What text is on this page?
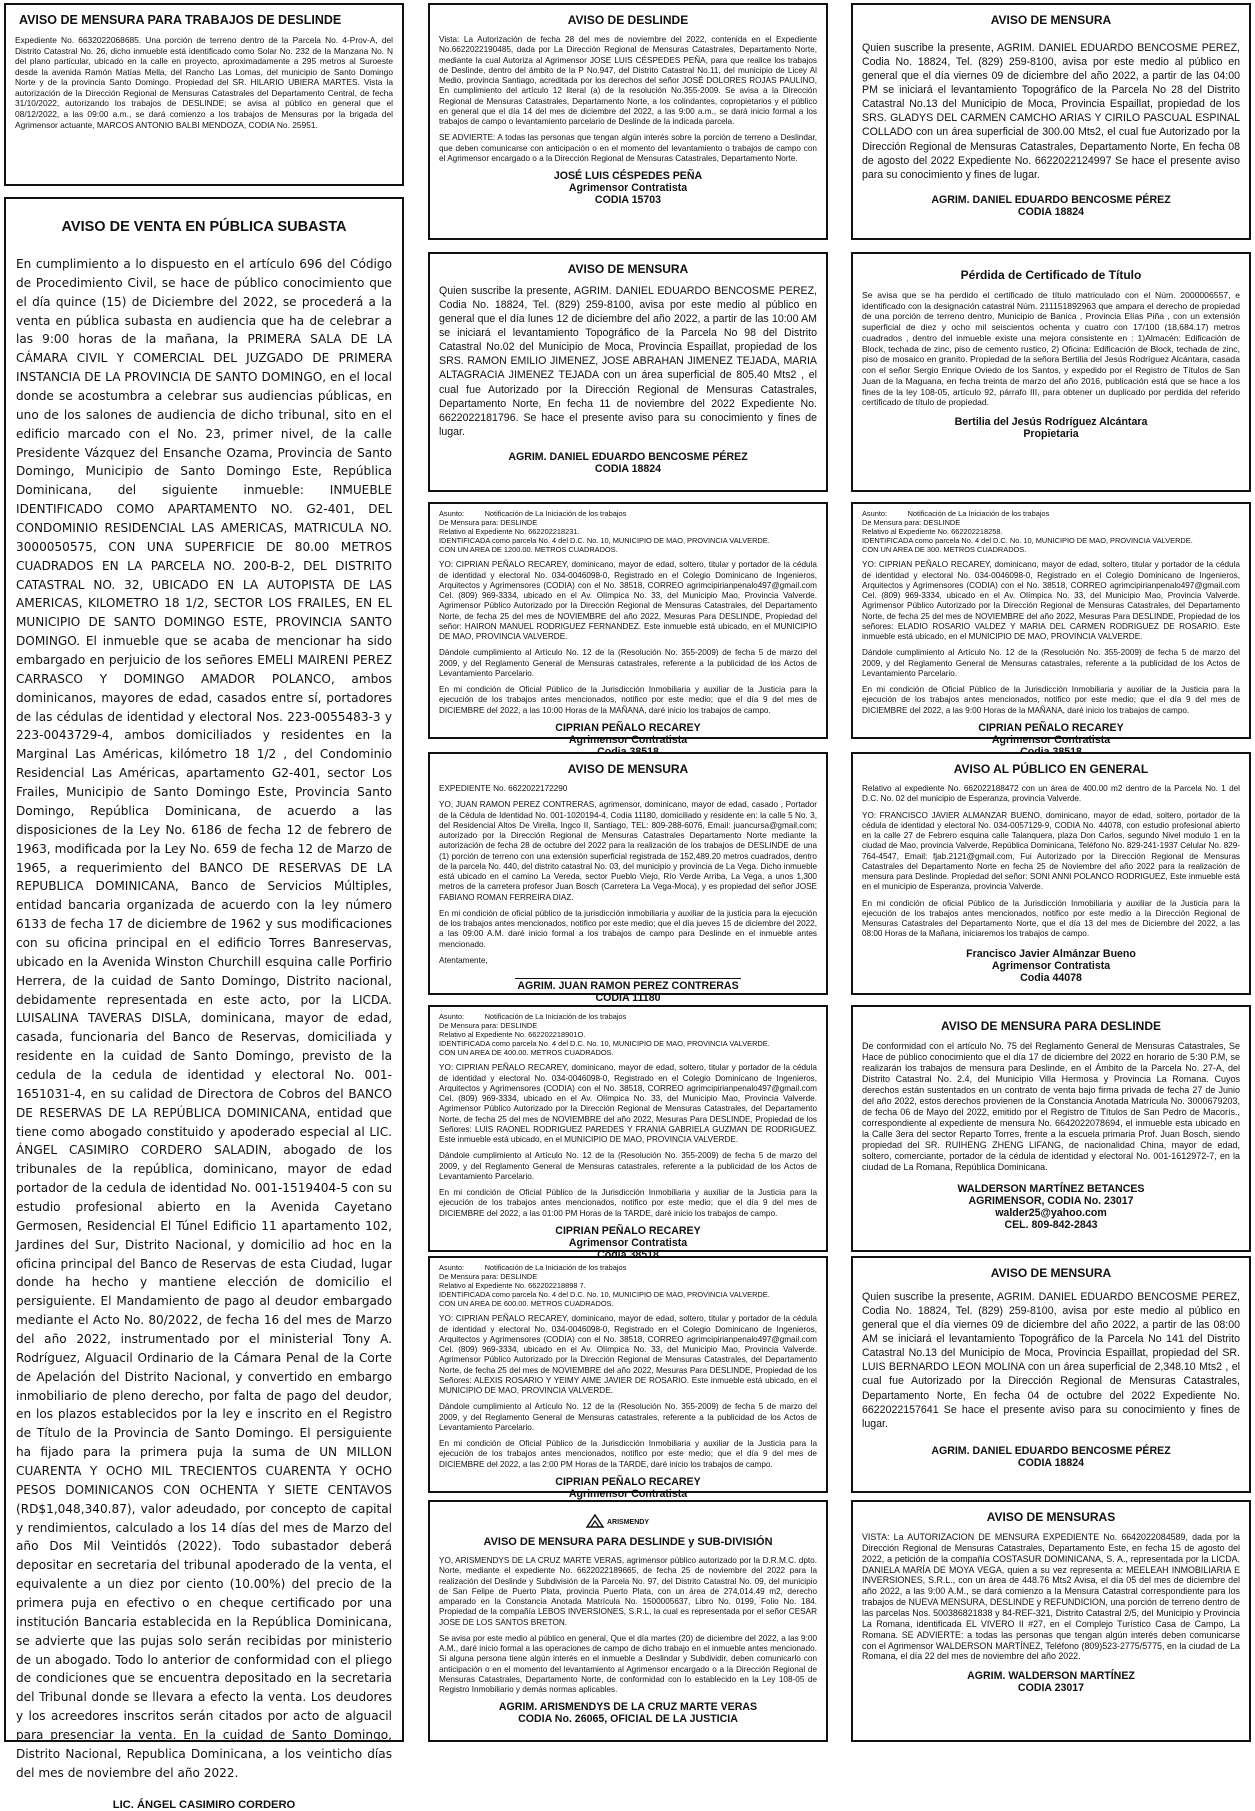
AVISO DE MENSURA PARA TRABAJOS DE DESLINDE
Expediente No. 6632022068685. Una porción de terreno dentro de la Parcela No. 4-Prov-A, del Distrito Catastral No. 26, dicho inmueble está identificado como Solar No. 232 de la Manzana No. N del plano particular, ubicado en la calle en proyecto, aproximadamente a 295 metros al Suroeste desde la avenida Ramón Matías Mella, del Rancho Las Lomas, del municipio de Santo Domingo Norte y de la provincia Santo Domingo. Propiedad del SR. HILARIO UBIERA MARTES. Vista la autorización de la Dirección Regional de Mensuras Catastrales del Departamento Central, de fecha 31/10/2022, autorizando los trabajos de DESLINDE; se avisa al público en general que el 08/12/2022, a las 09:00 a.m., se dará comienzo a los trabajos de Mensuras por la brigada del Agrimensor actuante, MARCOS ANTONIO BALBI MENDOZA, CODIA No. 25951.
AVISO DE VENTA EN PÚBLICA SUBASTA
En cumplimiento a lo dispuesto en el artículo 696 del Código de Procedimiento Civil, se hace de público conocimiento que el día quince (15) de Diciembre del 2022, se procederá a la venta en pública subasta en audiencia que ha de celebrar a las 9:00 horas de la mañana, la PRIMERA SALA DE LA CÁMARA CIVIL Y COMERCIAL DEL JUZGADO DE PRIMERA INSTANCIA DE LA PROVINCIA DE SANTO DOMINGO, en el local donde se acostumbra a celebrar sus audiencias públicas, en uno de los salones de audiencia de dicho tribunal, sito en el edificio marcado con el No. 23, primer nivel, de la calle Presidente Vázquez del Ensanche Ozama, Provincia de Santo Domingo, Municipio de Santo Domingo Este, República Dominicana, del siguiente inmueble: INMUEBLE IDENTIFICADO COMO APARTAMENTO NO. G2-401, DEL CONDOMINIO RESIDENCIAL LAS AMERICAS, MATRICULA NO. 3000050575, CON UNA SUPERFICIE DE 80.00 METROS CUADRADOS EN LA PARCELA NO. 200-B-2, DEL DISTRITO CATASTRAL NO. 32, UBICADO EN LA AUTOPISTA DE LAS AMERICAS, KILOMETRO 18 1/2, SECTOR LOS FRAILES, EN EL MUNICIPIO DE SANTO DOMINGO ESTE, PROVINCIA SANTO DOMINGO. El inmueble que se acaba de mencionar ha sido embargado en perjuicio de los señores EMELI MAIRENI PEREZ CARRASCO Y DOMINGO AMADOR POLANCO, ambos dominicanos, mayores de edad, casados entre sí, portadores de las cédulas de identidad y electoral Nos. 223-0055483-3 y 223-0043729-4, ambos domiciliados y residentes en la Marginal Las Américas, kilómetro 18 1/2 , del Condominio Residencial Las Américas, apartamento G2-401, sector Los Frailes, Municipio de Santo Domingo Este, Provincia Santo Domingo, República Dominicana, de acuerdo a las disposiciones de la Ley No. 6186 de fecha 12 de febrero de 1963, modificada por la Ley No. 659 de fecha 12 de Marzo de 1965, a requerimiento del BANCO DE RESERVAS DE LA REPUBLICA DOMINICANA, Banco de Servicios Múltiples, entidad bancaria organizada de acuerdo con la ley número 6133 de fecha 17 de diciembre de 1962 y sus modificaciones con su oficina principal en el edificio Torres Banreservas, ubicado en la Avenida Winston Churchill esquina calle Porfirio Herrera, de la cuidad de Santo Domingo, Distrito nacional, debidamente representada en este acto, por la LICDA. LUISALINA TAVERAS DISLA, dominicana, mayor de edad, casada, funcionaria del Banco de Reservas, domiciliada y residente en la cuidad de Santo Domingo, previsto de la cedula de la cedula de identidad y electoral No. 001-1651031-4, en su calidad de Directora de Cobros del BANCO DE RESERVAS DE LA REPÚBLICA DOMINICANA, entidad que tiene como abogado constituido y apoderado especial al LIC. ÁNGEL CASIMIRO CORDERO SALADIN, abogado de los tribunales de la república, dominicano, mayor de edad portador de la cedula de identidad No. 001-1519404-5 con su estudio profesional abierto en la Avenida Cayetano Germosen, Residencial El Túnel Edificio 11 apartamento 102, Jardines del Sur, Distrito Nacional, y domicilio ad hoc en la oficina principal del Banco de Reservas de esta Ciudad, lugar donde ha hecho y mantiene elección de domicilio el persiguiente. El Mandamiento de pago al deudor embargado mediante el Acto No. 80/2022, de fecha 16 del mes de Marzo del año 2022, instrumentado por el ministerial Tony A. Rodríguez, Alguacil Ordinario de la Cámara Penal de la Corte de Apelación del Distrito Nacional, y convertido en embargo inmobiliario de pleno derecho, por falta de pago del deudor, en los plazos establecidos por la ley e inscrito en el Registro de Título de la Provincia de Santo Domingo. El persiguiente ha fijado para la primera puja la suma de UN MILLON CUARENTA Y OCHO MIL TRECIENTOS CUARENTA Y OCHO PESOS DOMINICANOS CON OCHENTA Y SIETE CENTAVOS (RD$1,048,340.87), valor adeudado, por concepto de capital y rendimientos, calculado a los 14 días del mes de Marzo del año Dos Mil Veintidós (2022). Todo subastador deberá depositar en secretaria del tribunal apoderado de la venta, el equivalente a un diez por ciento (10.00%) del precio de la primera puja en efectivo o en cheque certificado por una institución Bancaria establecida en la República Dominicana, se advierte que las pujas solo serán recibidas por ministerio de un abogado. Todo lo anterior de conformidad con el pliego de condiciones que se encuentra depositado en la secretaria del Tribunal donde se llevara a efecto la venta. Los deudores y los acreedores inscritos serán citados por acto de alguacil para presenciar la venta. En la cuidad de Santo Domingo, Distrito Nacional, Republica Dominicana, a los veinticho días del mes de noviembre del año 2022.
LIC. ÁNGEL CASIMIRO CORDERO
AVISO DE DESLINDE

Vista: La Autorización de fecha 28 del mes de noviembre del 2022, contenida en el Expediente No.6622022190485, dada por La Dirección Regional de Mensuras Catastrales, Departamento Norte, mediante la cual Autoriza al Agrimensor JOSE LUIS CÉSPEDES PEÑA, para que realice los trabajos de Deslinde, dentro del ámbito de la P No.947, del Distrito Catastral No.11, del municipio de Licey Al Medio, provincia Santiago, acreditada por los derechos del señor JOSÉ DOLORES ROJAS PAULINO, En cumplimiento del artículo 12 literal (a) de la resolución No.355-2009. Se avisa a la Dirección Regional de Mensuras Catastrales, Departamento Norte, a los colindantes, copropietarios y el público en general que el día 14 del mes de diciembre del 2022, a las 9:00 a.m., se dará inicio formal a los trabajos de campo o levantamiento parcelario de Deslinde de la indicada parcela.

SE ADVIERTE: A todas las personas que tengan algún interés sobre la porción de terreno a Deslindar, que deben comunicarse con anticipación o en el momento del levantamiento o trabajos de campo con el Agrimensor encargado o a la Dirección Regional de Mensuras Catastrales, Departamento Norte.

JOSÉ LUIS CÉSPEDES PEÑA
Agrimensor Contratista
CODIA 15703
AVISO DE MENSURA
Quien suscribe la presente, AGRIM. DANIEL EDUARDO BENCOSME PEREZ, Codia No. 18824, Tel. (829) 259-8100, avisa por este medio al público en general que el día lunes 12 de diciembre del año 2022, a partir de las 10:00 AM se iniciará el levantamiento Topográfico de la Parcela No 98 del Distrito Catastral No.02 del Municipio de Moca, Provincia Espaillat, propiedad de los SRS. RAMON EMILIO JIMENEZ, JOSE ABRAHAN JIMENEZ TEJADA, MARIA ALTAGRACIA JIMENEZ TEJADA con un área superficial de 805.40 Mts2 , el cual fue Autorizado por la Dirección Regional de Mensuras Catastrales, Departamento Norte, En fecha 11 de noviembre del 2022 Expediente No. 6622022181796. Se hace el presente aviso para su conocimiento y fines de lugar.
AGRIM. DANIEL EDUARDO BENCOSME PÉREZ
CODIA 18824
Asunto:          Notificación de La Iniciación de los trabajos
De Mensura para: DESLINDE
Relativo al Expediente No. 662202218231.
IDENTIFICADA como parcela No. 4 del D.C. No. 10, MUNICIPIO DE MAO, PROVINCIA VALVERDE.
CON UN AREA DE 1200.00. METROS CUADRADOS.

YO: CIPRIAN PEÑALO RECAREY, dominicano, mayor de edad, soltero, titular y portador de la cédula de identidad y electoral No. 034-0046098-0, Registrado en el Colegio Dominicano de Ingenieros, Arquitectos y Agrimensores (CODIA) con el No. 38518, CORREO agrimcipirianpenalo497@gmail.com Cel. (809) 969-3334, ubicado en el Av. Olímpica No. 33, del Municipio Mao, Provincia Valverde. Agrimensor Público Autorizado por la Dirección Regional de Mensuras Catastrales, del Departamento Norte, de fecha 25 del mes de NOVIEMBRE del año 2022, Mesuras Para DESLINDE, Propiedad del señor: HAIRON MANUEL RODRIGUEZ FERNANDEZ. Este inmueble está ubicado, en el MUNICIPIO DE MAO, PROVINCIA VALVERDE.

Dándole cumplimiento al Artículo No. 12 de la (Resolución No. 355-2009) de fecha 5 de marzo del 2009, y del Reglamento General de Mensuras catastrales, referente a la publicidad de los Actos de Levantamiento Parcelario.

En mi condición de Oficial Público de la Jurisdicción Inmobiliaria y auxiliar de la Justicia para la ejecución de los trabajos antes mencionados, notifico por este medio; que el día 9 del mes de DICIEMBRE del 2022, a las 10:00 Horas de la MAÑANA, daré inicio los trabajos de campo.

CIPRIAN PEÑALO RECAREY
Agrimensor Contratista
AVISO DE MENSURA

EXPEDIENTE No. 6622022172290

YO, JUAN RAMON PEREZ CONTRERAS, agrimensor, dominicano, mayor de edad, casado , Portador de la Cédula de Identidad No. 001-1020194-4, Codia 11180, domiciliado y residente en: la calle 5 No. 3, del Residencial Altos De Virella, Ingco II, Santiago, TEL: 809-288-6076, Email: juancursa@gmail.com; autorizado por la Dirección Regional de Mensuras Catastrales Departamento Norte mediante la autorización de fecha 28 de octubre del 2022 para la realización de los trabajos de DESLINDE de una (1) porción de terreno con una extensión superficial registrada de 152,489.20 metros cuadrados, dentro de la parcela No. 440, del distrito catastral No. 03, del municipio y provincia de La Vega. Dicho inmueble está ubicado en el camino La Vereda, sector Pueblo Viejo, Río Verde Arriba, La Vega, a unos 1,300 metros de la carretera profesor Juan Bosch (Carretera La Vega-Moca), y es propiedad del señor JOSE FABIANO ROMAN FERREIRA DIAZ.

En mi condición de oficial público de la jurisdicción inmobiliaria y auxiliar de la justicia para la ejecución de los trabajos antes mencionados, notifico por este medio; que el día jueves 15 de diciembre del 2022, a las 09:00 A.M. daré inicio formal a los trabajos de campo para Deslinde en el inmueble antes mencionado.

Atentamente,

AGRIM. JUAN RAMON PEREZ CONTRERAS
CODIA 11180
Asunto:          Notificación de La Iniciación de los trabajos
De Mensura para: DESLINDE
Relativo al Expediente No. 662202218901O.
IDENTIFICADA como parcela No. 4 del D.C. No. 10, MUNICIPIO DE MAO, PROVINCIA VALVERDE.
CON UN AREA DE 400.00. METROS CUADRADOS.

YO: CIPRIAN PEÑALO RECAREY, dominicano, mayor de edad, soltero, titular y portador de la cédula de identidad y electoral No. 034-0046098-0, Registrado en el Colegio Dominicano de Ingenieros, Arquitectos y Agrimensores (CODIA) con el No. 38518, CORREO agrimcipirianpenalo497@gmail.com Cel. (809) 969-3334, ubicado en el Av. Olímpica No. 33, del Municipio Mao, Provincia Valverde. Agrimensor Público Autorizado por la Dirección Regional de Mensuras Catastrales, del Departamento Norte, de fecha 25 del mes de NOVIEMBRE del año 2022, Mesuras Para DESLINDE, Propiedad de los Señores: LUIS RAONEL RODRIGUEZ PAREDES Y FRANIA GABRIELA GUZMAN DE RODRIGUEZ. Este inmueble está ubicado, en el MUNICIPIO DE MAO, PROVINCIA VALVERDE.

Dándole cumplimiento al Artículo No. 12 de la (Resolución No. 355-2009) de fecha 5 de marzo del 2009, y del Reglamento General de Mensuras catastrales, referente a la publicidad de los Actos de Levantamiento Parcelario.

En mi condición de Oficial Público de la Jurisdicción Inmobiliaria y auxiliar de la Justicia para la ejecución de los trabajos antes mencionados, notifico por este medio; que el día 9 del mes de DICIEMBRE del 2022, a las 01:00 PM Horas de la TARDE, daré inicio los trabajos de campo.

CIPRIAN PEÑALO RECAREY
Agrimensor Contratista
Asunto:          Notificación de La Iniciación de los trabajos
De Mensura para: DESLINDE
Relativo al Expediente No. 662202218898 7.
IDENTIFICADA como parcela No. 4 del D.C. No. 10, MUNICIPIO DE MAO, PROVINCIA VALVERDE.
CON UN AREA DE 600.00. METROS CUADRADOS.

YO: CIPRIAN PEÑALO RECAREY, dominicano, mayor de edad, soltero, titular y portador de la cédula de identidad y electoral No. 034-0046098-0, Registrado en el Colegio Dominicano de Ingenieros, Arquitectos y Agrimensores (CODIA) con el No. 38518, CORREO agrimcipirianpenalo497@gmail.com Cel. (809) 969-3334, ubicado en el Av. Olímpica No. 33, del Municipio Mao, Provincia Valverde. Agrimensor Público Autorizado por la Dirección Regional de Mensuras Catastrales, del Departamento Norte, de fecha 25 del mes de NOVIEMBRE del año 2022, Mesuras Para DESLINDE, Propiedad de los Señores: ALEXIS ROSARIO Y YEIMY AIME JAVIER DE ROSARIO. Este inmueble está ubicado, en el MUNICIPIO DE MAO, PROVINCIA VALVERDE.

Dándole cumplimiento al Artículo No. 12 de la (Resolución No. 355-2009) de fecha 5 de marzo del 2009, y del Reglamento General de Mensuras catastrales, referente a la publicidad de los Actos de Levantamiento Parcelario.

En mi condición de Oficial Público de la Jurisdicción Inmobiliaria y auxiliar de la Justicia para la ejecución de los trabajos antes mencionados, notifico por este medio; que el día 9 del mes de DICIEMBRE del 2022, a las 2:00 PM Horas de la TARDE, daré inicio los trabajos de campo.

CIPRIAN PEÑALO RECAREY
Agrimensor Contratista
ARISMENDY
AVISO DE MENSURA PARA DESLINDE y SUB-DIVISIÓN

YO, ARISMENDYS DE LA CRUZ MARTE VERAS, agrimensor público autorizado por la D.R.M.C. dpto. Norte, mediante el expediente No. 6622022189665, de fecha 25 de noviembre del 2022 para la realización del Deslinde y Subdivisión de la Parcela No. 97, del Distrito Catastral No. 09, del municipio de San Felipe de Puerto Plata, provincia Puerto Plata, con un área de 274,014.49 m2, derecho amparado en la Constancia Anotada Matrícula No. 1500005637, Libro No. 0199, Folio No. 184. Propiedad de la compañía LEBOS INVERSIONES, S.R.L, la cual es representada por el señor CESAR JOSE DE LOS SANTOS BRETON.

Se avisa por este medio al público en general, Que el día martes (20) de diciembre del 2022, a las 9:00 A.M., daré inicio formal a las operaciones de campo de dicho trabajo en el inmueble antes mencionado. Si alguna persona tiene algún interés en el inmueble a Deslindar y Subdividir, deben comunicarlo con anticipación o en el momento del levantamiento al Agrimensor encargado o a la Dirección Regional de Mensuras Catastrales, Departamento Norte, de conformidad con lo establecido en la Ley 108-05 de Registro Inmobiliario y demás normas aplicables.

AGRIM. ARISMENDYS DE LA CRUZ MARTE VERAS
CODIA No. 26065, OFICIAL DE LA JUSTICIA
AVISO DE MENSURA
Quien suscribe la presente, AGRIM. DANIEL EDUARDO BENCOSME PEREZ, Codia No. 18824, Tel. (829) 259-8100, avisa por este medio al público en general que el día viernes 09 de diciembre del año 2022, a partir de las 04:00 PM se iniciará el levantamiento Topográfico de la Parcela No 28 del Distrito Catastral No.13 del Municipio de Moca, Provincia Espaillat, propiedad de los SRS. GLADYS DEL CARMEN CAMCHO ARIAS Y CIRILO PASCUAL ESPINAL COLLADO con un área superficial de 300.00 Mts2, el cual fue Autorizado por la Dirección Regional de Mensuras Catastrales, Departamento Norte, En fecha 08 de agosto del 2022 Expediente No. 6622022124997 Se hace el presente aviso para su conocimiento y fines de lugar.
AGRIM. DANIEL EDUARDO BENCOSME PÉREZ
CODIA 18824
Pérdida de Certificado de Título
Se avisa que se ha perdido el certificado de título matriculado con el Núm. 2000006557, e identificado con la designación catastral Núm. 211151892963 que ampara el derecho de propiedad de una porción de terreno dentro, Municipio de Banica , Provincia Elías Piña , con un extensión superficial de diez y ocho mil seiscientos ochenta y cuatro con 17/100 (18,684.17) metros cuadrados , dentro del inmueble existe una mejora consistente en : 1)Almacén: Edificación de Block, techada de zinc, piso de cemento rustico, 2) Oficina: Edificación de Block, techada de zinc, piso de mosaico en granito. Propiedad de la señora Bertilia del Jesús Rodríguez Alcántara, casada con el señor Sergio Enrique Oviedo de los Santos, y expedido por el Registro de Títulos de San Juan de la Maguana, en fecha treinta de marzo del año 2016, publicación está que se hace a los fines de la ley 108-05, artículo 92, párrafo III, para obtener un duplicado por perdida del referido certificado de título de propiedad.
Bertilia del Jesús Rodríguez Alcántara
Propietaria
Asunto:          Notificación de La Iniciación de los trabajos
De Mensura para: DESLINDE
Relativo al Expediente No. 662202218258.
IDENTIFICADA como parcela No. 4 del D.C. No. 10, MUNICIPIO DE MAO, PROVINCIA VALVERDE.
CON UN AREA DE 300. METROS CUADRADOS.

YO: CIPRIAN PEÑALO RECAREY, dominicano, mayor de edad, soltero, titular y portador de la cédula de identidad y electoral No. 034-0046098-0, Registrado en el Colegio Dominicano de Ingenieros, Arquitectos y Agrimensores (CODIA) con el No. 38518, CORREO agrimcipirianpenalo497@gmail.com Cel. (809) 969-3334, ubicado en el Av. Olímpica No. 33, del Municipio Mao, Provincia Valverde. Agrimensor Público Autorizado por la Dirección Regional de Mensuras Catastrales, del Departamento Norte, de fecha 25 del mes de NOVIEMBRE del año 2022, Mesuras Para DESLINDE, Propiedad de los señores: ELADIO ROSARIO VALDEZ Y MARIA DEL CARMEN RODRIGUEZ DE ROSARIO. Este inmueble está ubicado, en el MUNICIPIO DE MAO, PROVINCIA VALVERDE.

Dándole cumplimiento al Artículo No. 12 de la (Resolución No. 355-2009) de fecha 5 de marzo del 2009, y del Reglamento General de Mensuras catastrales, referente a la publicidad de los Actos de Levantamiento Parcelario.

En mi condición de Oficial Público de la Jurisdicción Inmobiliaria y auxiliar de la Justicia para la ejecución de los trabajos antes mencionados, notifico por este medio; que el día 9 del mes de DICIEMBRE del 2022, a las 9:00 Horas de la MAÑANA, daré inicio los trabajos de campo.

CIPRIAN PEÑALO RECAREY
Agrimensor Contratista
AVISO AL PÚBLICO EN GENERAL

Relativo al expediente No. 662022188472 con un área de 400.00 m2 dentro de la Parcela No. 1 del D.C. No. 02 del municipio de Esperanza, provincia Valverde.

YO: FRANCISCO JAVIER ALMANZAR BUENO, dominicano, mayor de edad, soltero, portador de la cédula de identidad y electoral No. 034-0057129-9, CODIA No. 44078, con estudio profesional abierto en la calle 27 de Febrero esquina calle Talanquera, plaza Don Carlos, segundo Nivel modulo 1 en la ciudad de Mao, provincia Valverde, República Dominicana, Teléfono No. 829-241-1937 Celular No. 829-764-4547, Email: fjab.2121@gmail.com, Fui Autorizado por la Dirección Regional de Mensuras Catastrales del Departamento Norte en fecha 25 de Noviembre del año 2022 para la realización de mensura para Deslinde. Propiedad del señor: SONI ANNI POLANCO RODRIGUEZ, Este inmueble está en el municipio de Esperanza, provincia Valverde.

En mi condición de oficial Público de la Jurisdicción Inmobiliaria y auxiliar de la Justicia para la ejecución de los trabajos antes mencionados, notifico por este medio a la Dirección Regional de Mensuras Catastrales del Departamento Norte, que el día 13 del mes de Diciembre del 2022, a las 08:00 Horas de la Mañana, iniciaremos los trabajos de campo.

Francisco Javier Almánzar Bueno
Agrimensor Contratista
Codia 44078
AVISO DE MENSURA PARA DESLINDE
De conformidad con el artículo No. 75 del Reglamento General de Mensuras Catastrales, Se Hace de público conocimiento que el día 17 de diciembre del 2022 en horario de 5:30 P.M, se realizarán los trabajos de mensura para Deslinde, en el Ámbito de la Parcela No. 27-A, del Distrito Catastral No. 2.4, del Municipio Villa Hermosa y Provincia La Romana. Cuyos derechos están sustentados en un contrato de venta bajo firma privada de fecha 27 de Junio del año 2022, estos derechos provienen de la Constancia Anotada Matrícula No. 3000679203, de fecha 06 de Mayo del 2022, emitido por el Registro de Títulos de San Pedro de Macorís., correspondiente al expediente de mensura No. 6642022078694, el inmueble esta ubicado en la Calle 3era del sector Reparto Torres, frente a la escuela primaria Prof. Juan Bosch, siendo propiedad del SR. RUIHENG ZHENG LIFANG, de nacionalidad China, mayor de edad, soltero, comerciante, portador de la cédula de identidad y electoral No. 001-1612972-7, en la ciudad de La Romana, República Dominicana.
WALDERSON MARTÍNEZ BETANCES
AGRIMENSOR, CODIA No. 23017
walder25@yahoo.com
CEL. 809-842-2843
AVISO DE MENSURA
Quien suscribe la presente, AGRIM. DANIEL EDUARDO BENCOSME PEREZ, Codia No. 18824, Tel. (829) 259-8100, avisa por este medio al público en general que el día viernes 09 de diciembre del año 2022, a partir de las 08:00 AM se iniciará el levantamiento Topográfico de la Parcela No 141 del Distrito Catastral No.13 del Municipio de Moca, Provincia Espaillat, propiedad del SR. LUIS BERNARDO LEON MOLINA con un área superficial de 2,348.10 Mts2 , el cual fue Autorizado por la Dirección Regional de Mensuras Catastrales, Departamento Norte, En fecha 04 de octubre del 2022 Expediente No. 6622022157641 Se hace el presente aviso para su conocimiento y fines de lugar.
AGRIM. DANIEL EDUARDO BENCOSME PÉREZ
CODIA 18824
AVISO DE MENSURAS
VISTA: La AUTORIZACION DE MENSURA EXPEDIENTE No. 6642022084589, dada por la Dirección Regional de Mensuras Catastrales, Departamento Este, en fecha 15 de agosto del 2022, a petición de la compañía COSTASUR DOMINICANA, S. A., representada por la LICDA. DANIELA MARÍA DE MOYA VEGA, quien a su vez representa a: MEELEAH INMOBILIARIA E INVERSIONES, S.R.L., con un área de 448.76 Mts2 Avisa, el día 05 del mes de diciembre del año 2022, a las 9:00 A.M., se dará comienzo a la Mensura Catastral correspondiente para los trabajos de NUEVA MENSURA, DESLINDE y REFUNDICION, una porción de terreno dentro de las parcelas Nos. 500386821838 y 84-REF-321, Distrito Catastral 2/5, del Municipio y Provincia La Romana, identificada EL VIVERO II #27, en el Complejo Turístico Casa de Campo, La Romana. SE ADVIERTE: a todas las personas que tengan algún interés deben comunicarse con el Agrimensor WALDERSON MARTÍNEZ, Teléfono (809)523-2775/5775, en la ciudad de La Romana, el día 22 del mes de noviembre del año 2022.
AGRIM. WALDERSON MARTÍNEZ
CODIA 23017
